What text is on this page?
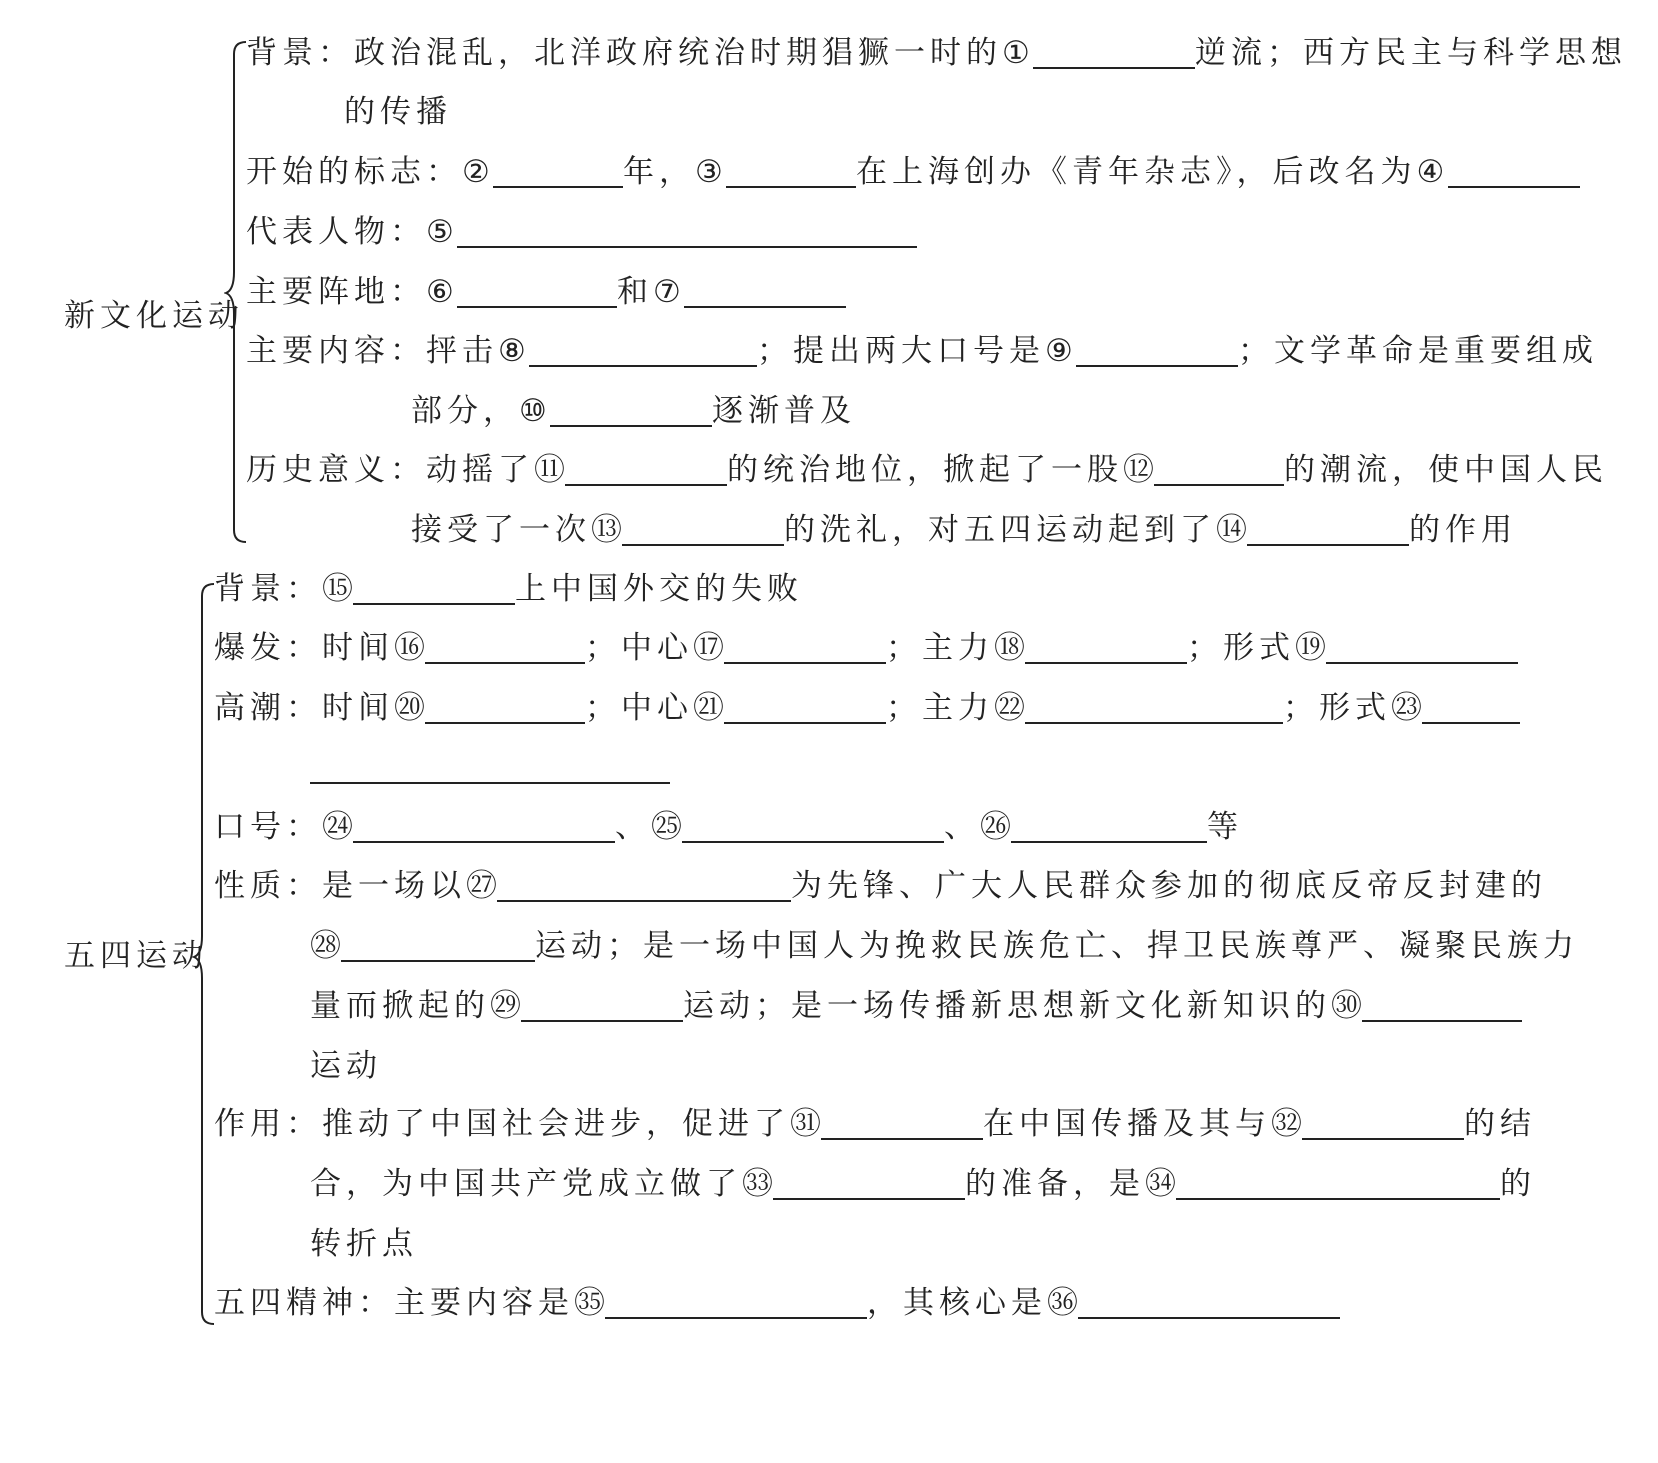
新文化运动
背景： 政治混乱，北洋政府统治时期猖獗一时的 ①	逆流；西方民主与科学思想
的传播
开始的标志： ②	年， ③	在上海创办《青年杂志》，后改名为 ④
代表人物： ⑤
主要阵地： ⑥	和 ⑦
主要内容： 抨击 ⑧	；提出两大口号是 ⑨	；文学革命是重要组成
部分， ⑩	逐渐普及
历史意义： 动摇了 ⑪	的统治地位，掀起了一股 ⑫	的潮流，使中国人民
接受了一次 ⑬	的洗礼，对五四运动起到了 ⑭	的作用
五四运动
背景： ⑮	上中国外交的失败
爆发： 时间 ⑯	；中心 ⑰	；主力 ⑱	；形式 ⑲
高潮： 时间 ⑳	；中心 ㉑	；主力 ㉒	；形式 ㉓
口号： ㉔	、 ㉕	、 ㉖	等
性质： 是一场以 ㉗	为先锋、广大人民群众参加的彻底反帝反封建的
㉘	运动；是一场中国人为挽救民族危亡、捍卫民族尊严、凝聚民族力
量而掀起的 ㉙	运动；是一场传播新思想新文化新知识的 ㉚
运动
作用： 推动了中国社会进步，促进了 ㉛	在中国传播及其与 ㉜	的结
合，为中国共产党成立做了 ㉝	的准备，是 ㉞	的
转折点
五四精神： 主要内容是 ㉟	，其核心是 ㊱
